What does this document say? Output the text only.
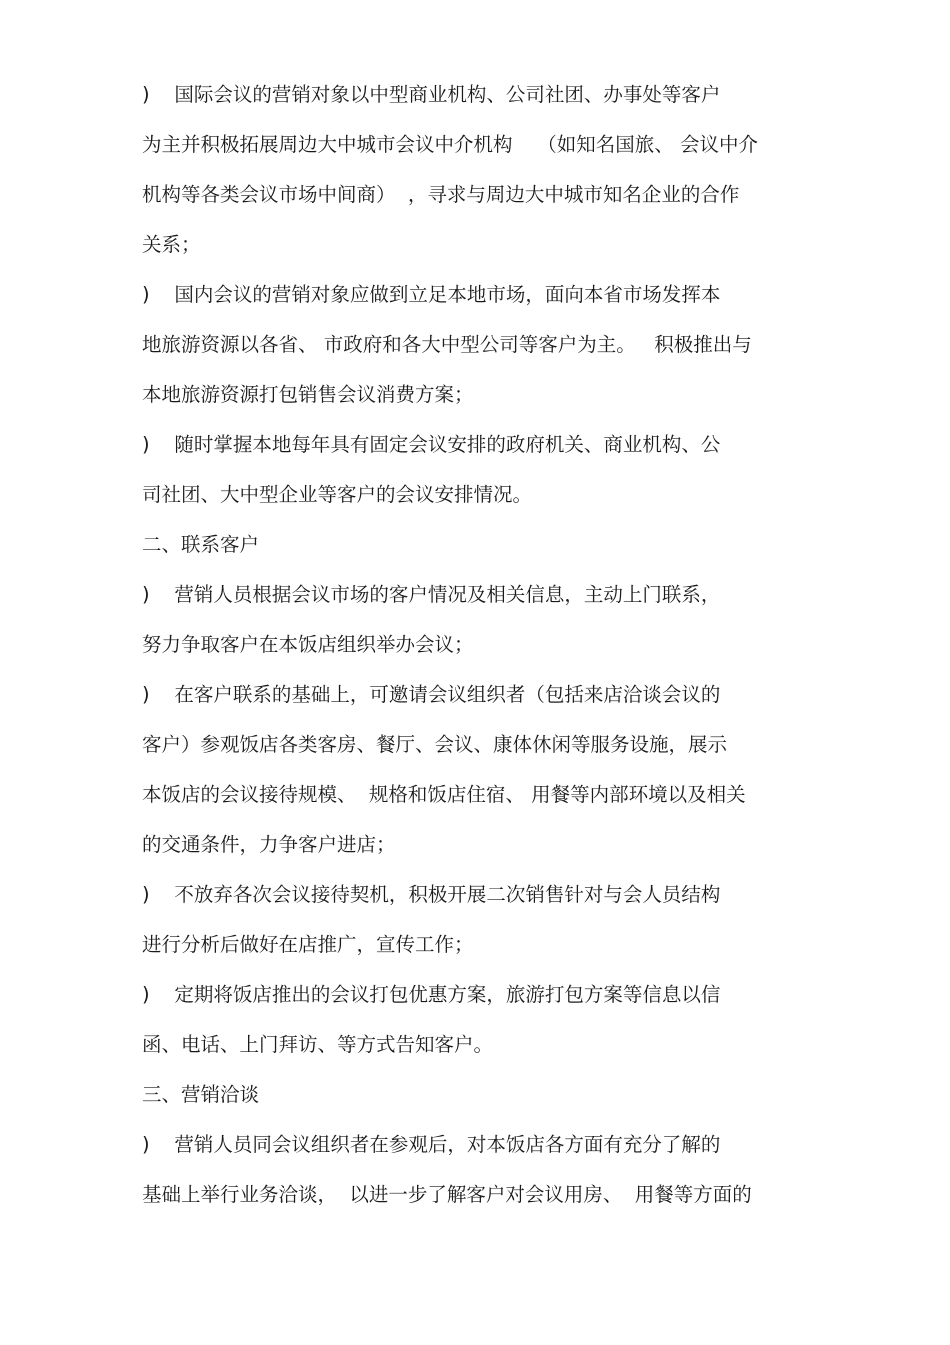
)    国际会议的营销对象以中型商业机构、公司社团、办事处等客户
为主并积极拓展周边大中城市会议中介机构    （如知名国旅、 会议中介
机构等各类会议市场中间商）  ，寻求与周边大中城市知名企业的合作
关系；
)    国内会议的营销对象应做到立足本地市场，面向本省市场发挥本
地旅游资源以各省、 市政府和各大中型公司等客户为主。   积极推出与
本地旅游资源打包销售会议消费方案；
)    随时掌握本地每年具有固定会议安排的政府机关、商业机构、公
司社团、大中型企业等客户的会议安排情况。
二、联系客户
)    营销人员根据会议市场的客户情况及相关信息，主动上门联系，
努力争取客户在本饭店组织举办会议；
)    在客户联系的基础上，可邀请会议组织者（包括来店洽谈会议的
客户）参观饭店各类客房、餐厅、会议、康体休闲等服务设施，展示
本饭店的会议接待规模、  规格和饭店住宿、 用餐等内部环境以及相关
的交通条件，力争客户进店；
)    不放弃各次会议接待契机，积极开展二次销售针对与会人员结构
进行分析后做好在店推广，宣传工作；
)    定期将饭店推出的会议打包优惠方案，旅游打包方案等信息以信
函、电话、上门拜访、等方式告知客户。
三、营销洽谈
)    营销人员同会议组织者在参观后，对本饭店各方面有充分了解的
基础上举行业务洽谈，  以进一步了解客户对会议用房、  用餐等方面的
